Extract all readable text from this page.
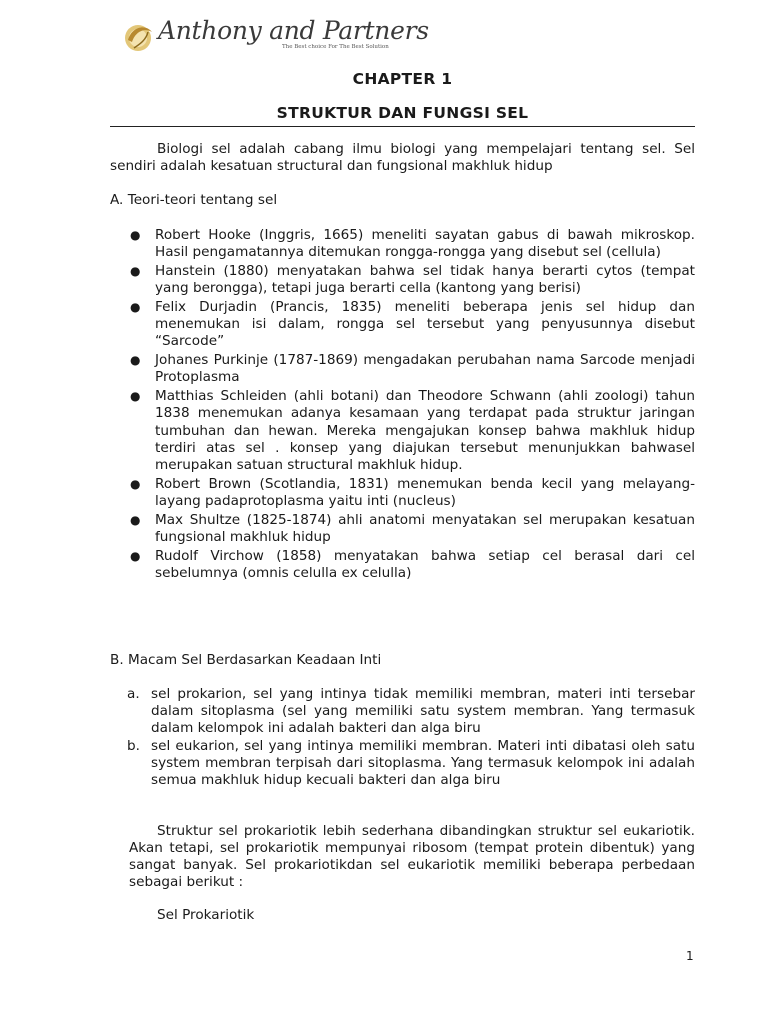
Anthony and Partners
The Best choice For The Best Solution
CHAPTER 1
STRUKTUR DAN FUNGSI SEL
Biologi sel adalah cabang ilmu biologi yang mempelajari tentang sel. Sel sendiri adalah kesatuan structural dan fungsional makhluk hidup
A. Teori-teori tentang sel
● Robert Hooke (Inggris, 1665) meneliti sayatan gabus di bawah mikroskop. Hasil pengamatannya ditemukan rongga-rongga yang disebut sel (cellula)
● Hanstein (1880) menyatakan bahwa sel tidak hanya berarti cytos (tempat yang berongga), tetapi juga berarti cella (kantong yang berisi)
● Felix Durjadin (Prancis, 1835) meneliti beberapa jenis sel hidup dan menemukan isi dalam, rongga sel tersebut yang penyusunnya disebut “Sarcode”
● Johanes Purkinje (1787-1869) mengadakan perubahan nama Sarcode menjadi Protoplasma
● Matthias Schleiden (ahli botani) dan Theodore Schwann (ahli zoologi) tahun 1838 menemukan adanya kesamaan yang terdapat pada struktur jaringan tumbuhan dan hewan. Mereka mengajukan konsep bahwa makhluk hidup terdiri atas sel . konsep yang diajukan tersebut menunjukkan bahwasel merupakan satuan structural makhluk hidup.
● Robert Brown (Scotlandia, 1831) menemukan benda kecil yang melayang-layang padaprotoplasma yaitu inti (nucleus)
● Max Shultze (1825-1874) ahli anatomi menyatakan sel merupakan kesatuan fungsional makhluk hidup
● Rudolf Virchow (1858) menyatakan bahwa setiap cel berasal dari cel sebelumnya (omnis celulla ex celulla)
B. Macam Sel Berdasarkan Keadaan Inti
a. sel prokarion, sel yang intinya tidak memiliki membran, materi inti tersebar dalam sitoplasma (sel yang memiliki satu system membran. Yang termasuk dalam kelompok ini adalah bakteri dan alga biru
b. sel eukarion, sel yang intinya memiliki membran. Materi inti dibatasi oleh satu system membran terpisah dari sitoplasma. Yang termasuk kelompok ini adalah semua makhluk hidup kecuali bakteri dan alga biru
Struktur sel prokariotik lebih sederhana dibandingkan struktur sel eukariotik. Akan tetapi, sel prokariotik mempunyai ribosom (tempat protein dibentuk) yang sangat banyak. Sel prokariotikdan sel eukariotik memiliki beberapa perbedaan sebagai berikut :
Sel Prokariotik
1
